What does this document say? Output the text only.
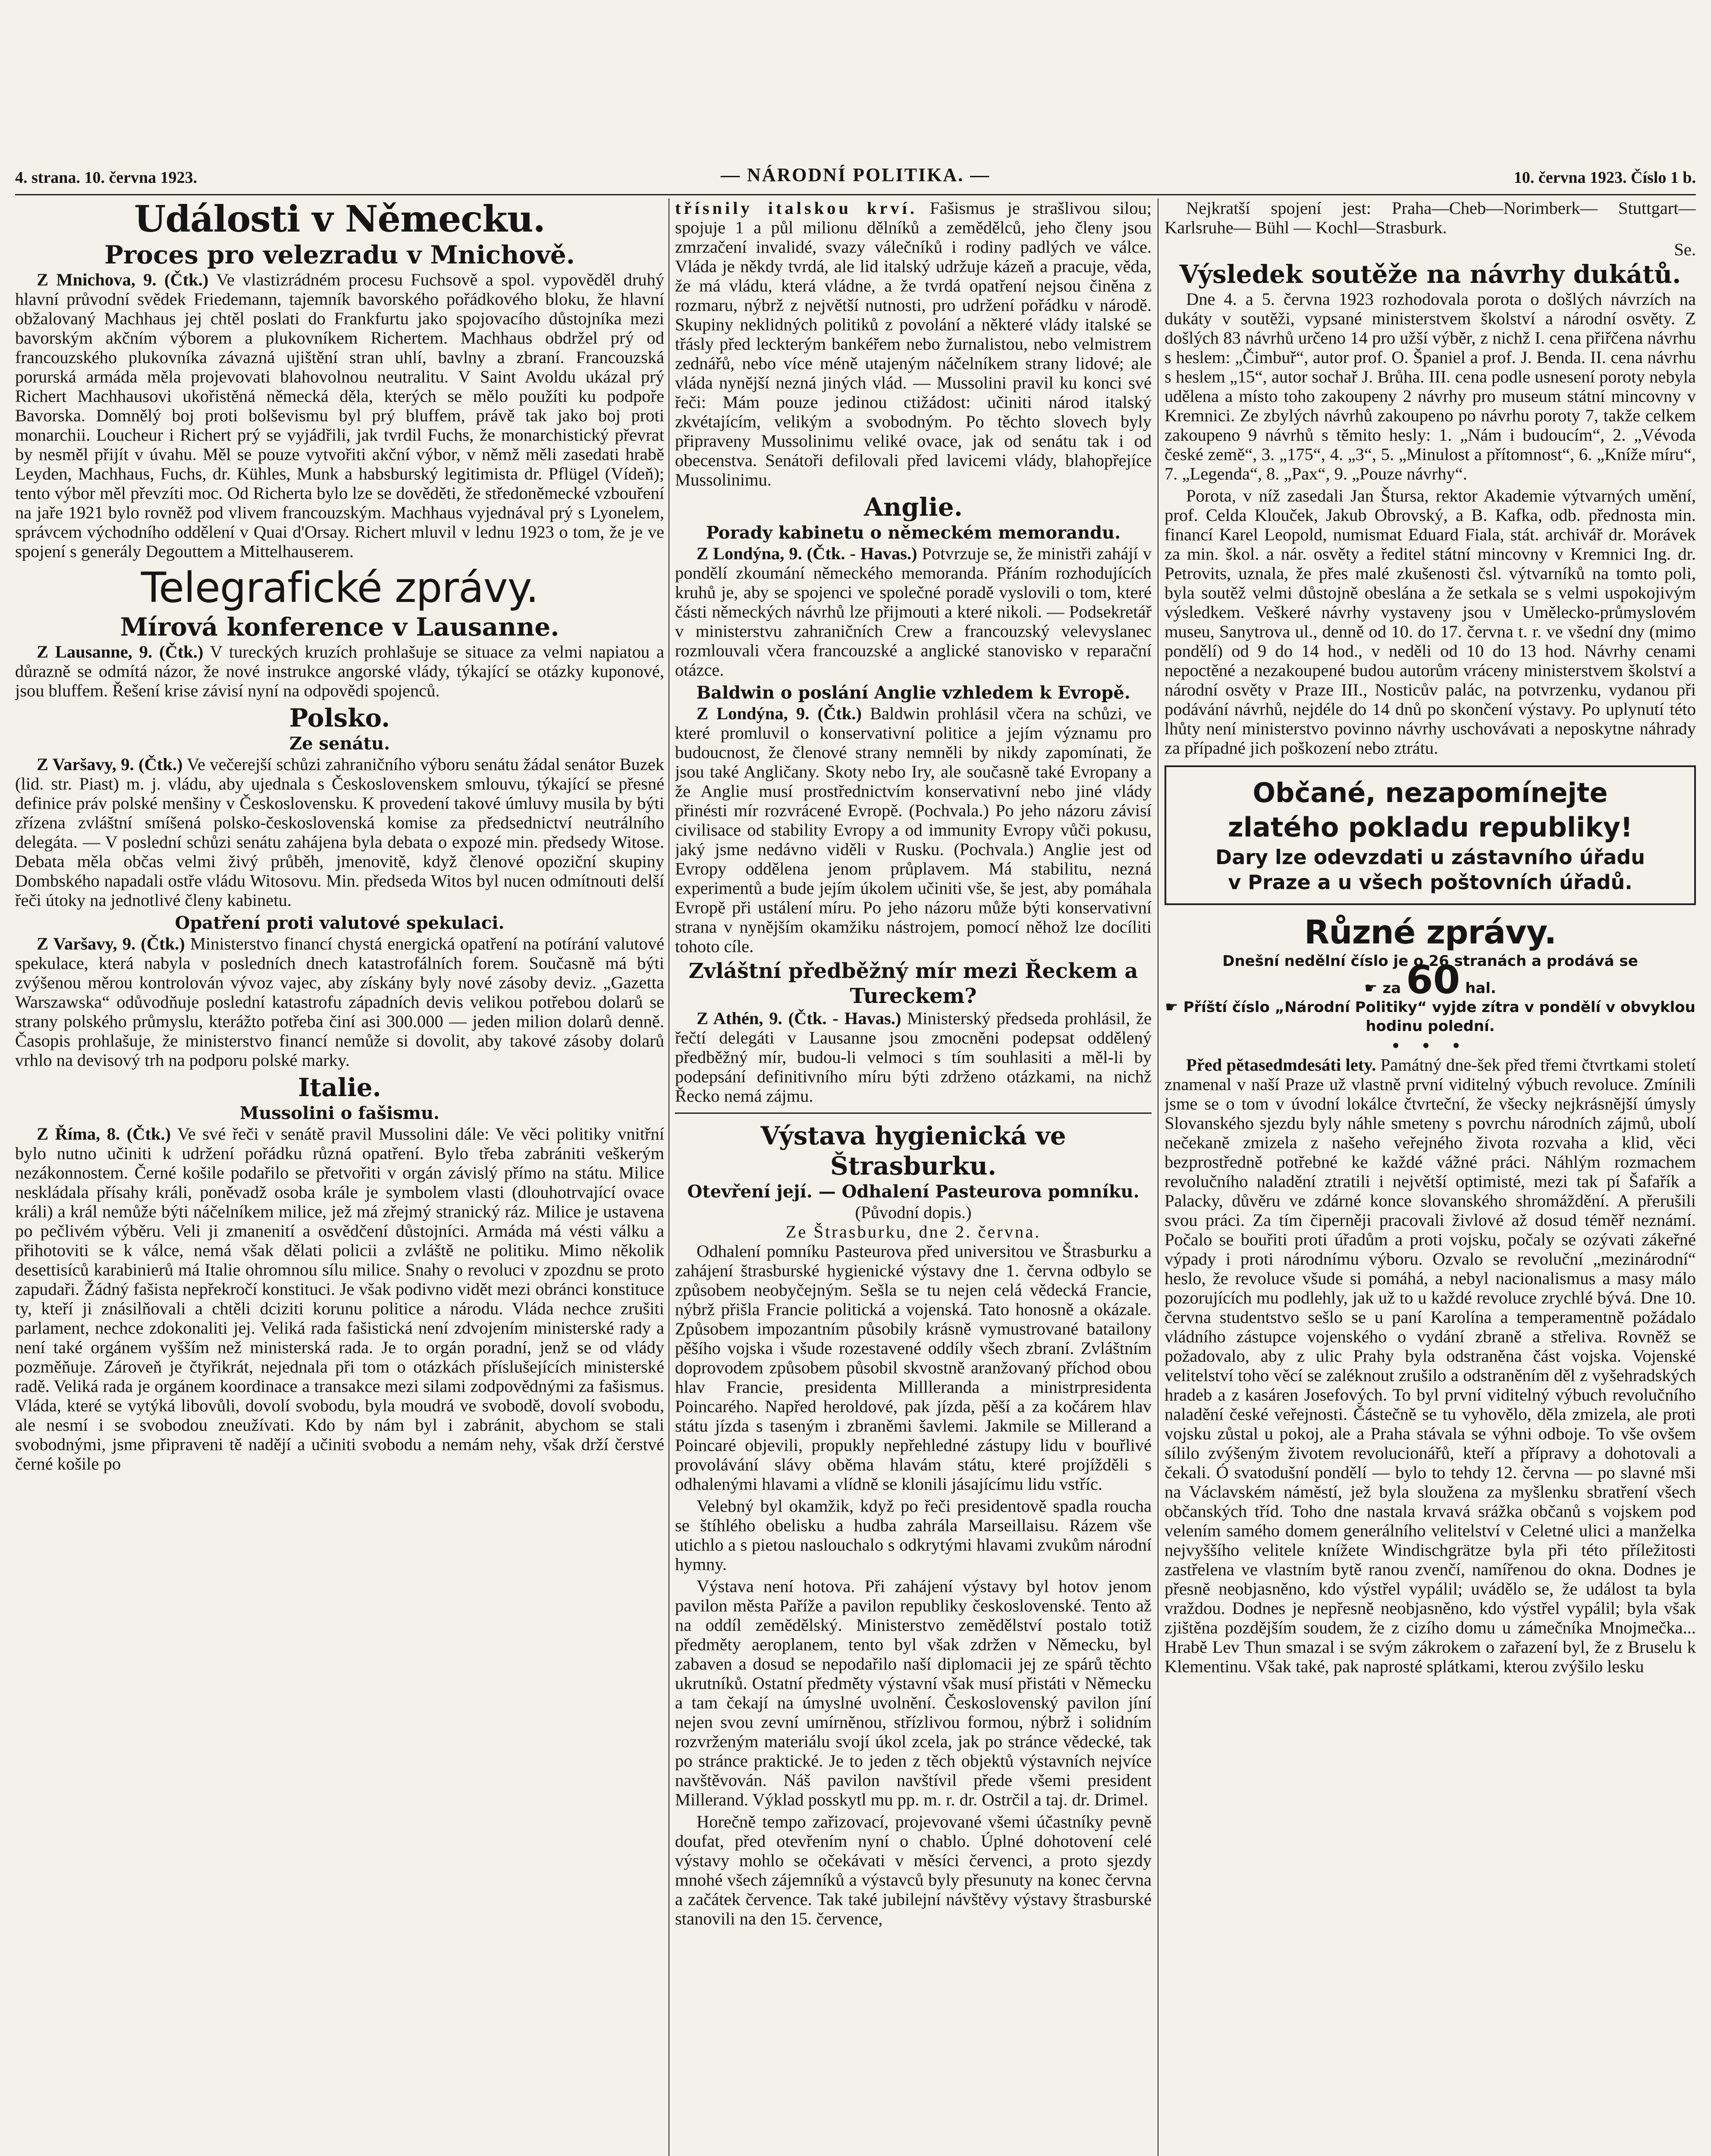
4. strana. 10. června 1923.	— NÁRODNÍ POLITIKA. —	10. června 1923. Číslo 1 b.
Události v Německu.
Proces pro velezradu v Mnichově.

Z Mnichova, 9. (Čtk.) Ve vlastizrádném procesu Fuchsově a spol. vypověděl druhý hlavní průvodní svědek Friedemann, tajemník bavorského pořádkového bloku, že hlavní obžalovaný Machhaus jej chtěl poslati do Frankfurtu jako spojovacího důstojníka mezi bavorským akčním výborem a plukovníkem Richertem. Machhaus obdržel prý od francouzského plukovníka závazná ujištění stran uhlí, bavlny a zbraní. Francouzská porurská armáda měla projevovati blahovolnou neutralitu. V Saint Avoldu ukázal prý Richert Machhausovi ukořistěná německá děla, kterých se mělo použíti ku podpoře Bavorska. Domnělý boj proti bolševismu byl prý bluffem, právě tak jako boj proti monarchii. Loucheur i Richert prý se vyjádřili, jak tvrdil Fuchs, že monarchistický převrat by nesměl přijít v úvahu. Měl se pouze vytvořiti akční výbor, v němž měli zasedati hrabě Leyden, Machhaus, Fuchs, dr. Kühles, Munk a habsburský legitimista dr. Pflügel (Vídeň); tento výbor měl převzíti moc. Od Richerta bylo lze se dověděti, že středoněmecké vzbouření na jaře 1921 bylo rovněž pod vlivem francouzským. Machhaus vyjednával prý s Lyonelem, správcem východního oddělení v Quai d'Orsay. Richert mluvil v lednu 1923 o tom, že je ve spojení s generály Degouttem a Mittelhauserem.

Telegrafické zprávy.
Mírová konference v Lausanne.

Z Lausanne, 9. (Čtk.) V tureckých kruzích prohlašuje se situace za velmi napiatou a důrazně se odmítá názor, že nové instrukce angorské vlády, týkající se otázky kuponové, jsou bluffem. Řešení krise závisí nyní na odpovědi spojenců.

Polsko.
Ze senátu.

Z Varšavy, 9. (Čtk.) Ve večerejší schůzi zahraničního výboru senátu žádal senátor Buzek (lid. str. Piast) m. j. vládu, aby ujednala s Československem smlouvu, týkající se přesné definice práv polské menšiny v Československu. K provedení takové úmluvy musila by býti zřízena zvláštní smíšená polsko-československá komise za předsednictví neutrálního delegáta. — V poslední schůzi senátu zahájena byla debata o expozé min. předsedy Witose. Debata měla občas velmi živý průběh, jmenovitě, když členové opoziční skupiny Dombského napadali ostře vládu Witosovu. Min. předseda Witos byl nucen odmítnouti delší řeči útoky na jednotlivé členy kabinetu.

Opatření proti valutové spekulaci.

Z Varšavy, 9. (Čtk.) Ministerstvo financí chystá energická opatření na potírání valutové spekulace, která nabyla v posledních dnech katastrofálních forem. Současně má býti zvýšenou měrou kontrolován vývoz vajec, aby získány byly nové zásoby deviz. „Gazetta Warszawska“ odůvodňuje poslední katastrofu západních devis velikou potřebou dolarů se strany polského průmyslu, kterážto potřeba činí asi 300.000 — jeden milion dolarů denně. Časopis prohlašuje, že ministerstvo financí nemůže si dovolit, aby takové zásoby dolarů vrhlo na devisový trh na podporu polské marky.

Italie.
Mussolini o fašismu.

Z Říma, 8. (Čtk.) Ve své řeči v senátě pravil Mussolini dále: Ve věci politiky vnitřní bylo nutno učiniti k udržení pořádku různá opatření. Bylo třeba zabrániti veškerým nezákonnostem. Černé košile podařilo se přetvořiti v orgán závislý přímo na státu. Milice neskládala přísahy králi, poněvadž osoba krále je symbolem vlasti (dlouhotrvající ovace králi) a král nemůže býti náčelníkem milice, jež má zřejmý stranický ráz. Milice je ustavena po pečlivém výběru. Veli ji zmanenití a osvědčení důstojníci. Armáda má vésti válku a přihotoviti se k válce, nemá však dělati policii a zvláště ne politiku. Mimo několik desettisíců karabinierů má Italie ohromnou sílu milice. Snahy o revoluci v zpozdnu se proto zapudaři. Žádný fašista nepřekročí konstituci. Je však podivno vidět mezi obránci konstituce ty, kteří ji znásilňovali a chtěli dciziti korunu politice a národu. Vláda nechce zrušiti parlament, nechce zdokonaliti jej. Veliká rada fašistická není zdvojením ministerské rady a není také orgánem vyšším než ministerská rada. Je to orgán poradní, jenž se od vlády pozměňuje. Zároveň je čtyřikrát, nejednala při tom o otázkách příslušejících ministerské radě. Veliká rada je orgánem koordinace a transakce mezi silami zodpovědnými za fašismus. Vláda, které se vytýká libovůli, dovolí svobodu, byla moudrá ve svobodě, dovolí svobodu, ale nesmí i se svobodou zneužívati. Kdo by nám byl i zabránit, abychom se stali svobodnými, jsme připraveni tě nadějí a učiniti svobodu a nemám nehy, však drží čerstvé černé košile po

třísnily italskou krví. Fašismus je strašlivou silou; spojuje 1 a půl milionu dělníků a zemědělců, jeho členy jsou zmrzačení invalidé, svazy válečníků i rodiny padlých ve válce. Vláda je někdy tvrdá, ale lid italský udržuje kázeň a pracuje, věda, že má vládu, která vládne, a že tvrdá opatření nejsou činěna z rozmaru, nýbrž z největší nutnosti, pro udržení pořádku v národě. Skupiny neklidných politiků z povolání a některé vlády italské se třásly před leckterým bankéřem nebo žurnalistou, nebo velmistrem zednářů, nebo více méně utajeným náčelníkem strany lidové; ale vláda nynější nezná jiných vlád. — Mussolini pravil ku konci své řeči: Mám pouze jedinou ctižádost: učiniti národ italský zkvétajícím, velikým a svobodným. Po těchto slovech byly připraveny Mussolinimu veliké ovace, jak od senátu tak i od obecenstva. Senátoři defilovali před lavicemi vlády, blahopřejíce Mussolinimu.

Anglie.
Porady kabinetu o německém memorandu.

Z Londýna, 9. (Čtk. - Havas.) Potvrzuje se, že ministři zahájí v pondělí zkoumání německého memoranda. Přáním rozhodujících kruhů je, aby se spojenci ve společné poradě vyslovili o tom, které části německých návrhů lze přijmouti a které nikoli. — Podsekretář v ministerstvu zahraničních Crew a francouzský velevyslanec rozmlouvali včera francouzské a anglické stanovisko v reparační otázce.

Baldwin o poslání Anglie vzhledem k Evropě.

Z Londýna, 9. (Čtk.) Baldwin prohlásil včera na schůzi, ve které promluvil o konservativní politice a jejím významu pro budoucnost, že členové strany nemněli by nikdy zapomínati, že jsou také Angličany. Skoty nebo Iry, ale současně také Evropany a že Anglie musí prostřednictvím konservativní nebo jiné vlády přinésti mír rozvrácené Evropě. (Pochvala.) Po jeho názoru závisí civilisace od stability Evropy a od immunity Evropy vůči pokusu, jaký jsme nedávno viděli v Rusku. (Pochvala.) Anglie jest od Evropy oddělena jenom průplavem. Má stabilitu, nezná experimentů a bude jejím úkolem učiniti vše, še jest, aby pomáhala Evropě při ustálení míru. Po jeho názoru může býti konservativní strana v nynějším okamžiku nástrojem, pomocí něhož lze docíliti tohoto cíle.

Zvláštní předběžný mír mezi Řeckem a Tureckem?

Z Athén, 9. (Čtk. - Havas.) Ministerský předseda prohlásil, že řečtí delegáti v Lausanne jsou zmocněni podepsat oddělený předběžný mír, budou-li velmoci s tím souhlasiti a měl-li by podepsání definitivního míru býti zdrženo otázkami, na nichž Řecko nemá zájmu.

Výstava hygienická ve Štrasburku.
Otevření její. — Odhalení Pasteurova pomníku.
(Původní dopis.)
Ze Štrasburku, dne 2. června.

Odhalení pomníku Pasteurova před universitou ve Štrasburku a zahájení štrasburské hygienické výstavy dne 1. června odbylo se způsobem neobyčejným. Sešla se tu nejen celá vědecká Francie, nýbrž přišla Francie politická a vojenská. Tato honosně a okázale. Způsobem impozantním působily krásně vymustrované batailony pěšího vojska i všude rozestavené oddíly všech zbraní. Zvláštním doprovodem způsobem působil skvostně aranžovaný příchod obou hlav Francie, presidenta Millleranda a ministrpresidenta Poincarého. Napřed heroldové, pak jízda, pěší a za kočárem hlav státu jízda s taseným i zbraněmi šavlemi. Jakmile se Millerand a Poincaré objevili, propukly nepřehledné zástupy lidu v bouřlivé provolávání slávy oběma hlavám státu, které projížděli s odhalenými hlavami a vlídně se klonili jásajícímu lidu vstříc.

Velebný byl okamžik, když po řeči presidentově spadla roucha se štíhlého obelisku a hudba zahrála Marseillaisu. Rázem vše utichlo a s pietou naslouchalo s odkrytými hlavami zvukům národní hymny.

Výstava není hotova. Při zahájení výstavy byl hotov jenom pavilon města Paříže a pavilon republiky československé. Tento až na oddíl zemědělský. Ministerstvo zemědělství postalo totiž předměty aeroplanem, tento byl však zdržen v Německu, byl zabaven a dosud se nepodařilo naší diplomacii jej ze spárů těchto ukrutníků. Ostatní předměty výstavní však musí přistáti v Německu a tam čekají na úmyslné uvolnění. Československý pavilon jíní nejen svou zevní umírněnou, střízlivou formou, nýbrž i solidním rozvrženým materiálu svojí úkol zcela, jak po stránce vědecké, tak po stránce praktické. Je to jeden z těch objektů výstavních nejvíce navštěvován. Náš pavilon navštívil přede všemi president Millerand. Výklad posskytl mu pp. m. r. dr. Ostrčil a taj. dr. Drimel.

Horečně tempo zařizovací, projevované všemi účastníky pevně doufat, před otevřením nyní o chablo. Úplné dohotovení celé výstavy mohlo se očekávati v měsíci červenci, a proto sjezdy mnohé všech zájemníků a výstavců byly přesunuty na konec června a začátek července. Tak také jubilejní návštěvy výstavy štrasburské stanovili na den 15. července,

Nejkratší spojení jest: Praha—Cheb—Norimberk— Stuttgart—Karlsruhe— Bühl — Kochl—Strasburk.

Se.
Výsledek soutěže na návrhy dukátů.

Dne 4. a 5. června 1923 rozhodovala porota o došlých návrzích na dukáty v soutěži, vypsané ministerstvem školství a národní osvěty. Z došlých 83 návrhů určeno 14 pro užší výběr, z nichž I. cena přiřčena návrhu s heslem: „Čimbuř“, autor prof. O. Španiel a prof. J. Benda. II. cena návrhu s heslem „15“, autor sochař J. Brůha. III. cena podle usnesení poroty nebyla udělena a místo toho zakoupeny 2 návrhy pro museum státní mincovny v Kremnici. Ze zbylých návrhů zakoupeno po návrhu poroty 7, takže celkem zakoupeno 9 návrhů s těmito hesly: 1. „Nám i budoucím“, 2. „Vévoda české země“, 3. „175“, 4. „3“, 5. „Minulost a přítomnost“, 6. „Kníže míru“, 7. „Legenda“, 8. „Pax“, 9. „Pouze návrhy“.

Porota, v níž zasedali Jan Štursa, rektor Akademie výtvarných umění, prof. Celda Klouček, Jakub Obrovský, a B. Kafka, odb. přednosta min. financí Karel Leopold, numismat Eduard Fiala, stát. archivář dr. Morávek za min. škol. a nár. osvěty a ředitel státní mincovny v Kremnici Ing. dr. Petrovits, uznala, že přes malé zkušenosti čsl. výtvarníků na tomto poli, byla soutěž velmi důstojně obeslána a že setkala se s velmi uspokojivým výsledkem. Veškeré návrhy vystaveny jsou v Umělecko-průmyslovém museu, Sanytrova ul., denně od 10. do 17. června t. r. ve všední dny (mimo pondělí) od 9 do 14 hod., v neděli od 10 do 13 hod. Návrhy cenami nepoctěné a nezakoupené budou autorům vráceny ministerstvem školství a národní osvěty v Praze III., Nosticův palác, na potvrzenku, vydanou při podávání návrhů, nejdéle do 14 dnů po skončení výstavy. Po uplynutí této lhůty není ministerstvo povinno návrhy uschovávati a neposkytne náhrady za případné jich poškození nebo ztrátu.

Občané, nezapomínejte
zlatého pokladu republiky!
Dary lze odevzdati u zástavního úřadu
v Praze a u všech poštovních úřadů.
Různé zprávy.
Dnešní nedělní číslo je o 26 stranách a prodává se
☛ za 60 hal.
☛ Příští číslo „Národní Politiky“ vyjde zítra v pondělí v obvyklou hodinu polední.
• • •

Před pětasedmdesáti lety. Památný dne-šek před třemi čtvrtkami století znamenal v naší Praze už vlastně první viditelný výbuch revoluce. Zmínili jsme se o tom v úvodní lokálce čtvrteční, že všecky nejkrásnější úmysly Slovanského sjezdu byly náhle smeteny s povrchu národních zájmů, ubolí nečekaně zmizela z našeho veřejného života rozvaha a klid, věci bezprostředně potřebné ke každé vážné práci. Náhlým rozmachem revolučního naladění ztratili i největší optimisté, mezi tak pí Šafařík a Palacky, důvěru ve zdárné konce slovanského shromáždění. A přerušili svou práci. Za tím čiperněji pracovali živlové až dosud téměř neznámí. Počalo se bouřiti proti úřadům a proti vojsku, počaly se ozývati zákeřné výpady i proti národnímu výboru. Ozvalo se revoluční „mezinárodní“ heslo, že revoluce všude si pomáhá, a nebyl nacionalismus a masy málo pozorujících mu podlehly, jak už to u každé revoluce zrychlé bývá. Dne 10. června studentstvo sešlo se u paní Karolína a temperamentně požádalo vládního zástupce vojenského o vydání zbraně a střeliva. Rovněž se požadovalo, aby z ulic Prahy byla odstraněna část vojska. Vojenské velitelství toho věcí se zaléknout zrušilo a odstraněním děl z vyšehradských hradeb a z kasáren Josefových. To byl první viditelný výbuch revolučního naladění české veřejnosti. Částečně se tu vyhovělo, děla zmizela, ale proti vojsku zůstal u pokoj, ale a Praha stávala se výhni odboje. To vše ovšem sílilo zvýšeným životem revolucionářů, kteří a přípravy a dohotovali a čekali. Ó svatodušní pondělí — bylo to tehdy 12. června — po slavné mši na Václavském náměstí, jež byla sloužena za myšlenku sbratření všech občanských tříd. Toho dne nastala krvavá srážka občanů s vojskem pod velením samého domem generálního velitelství v Celetné ulici a manželka nejvyššího velitele knížete Windischgrätze byla při této příležitosti zastřelena ve vlastním bytě ranou zvenčí, namířenou do okna. Dodnes je přesně neobjasněno, kdo výstřel vypálil; uvádělo se, že událost ta byla vraždou. Dodnes je nepřesně neobjasněno, kdo výstřel vypálil; byla však zjištěna pozdějším soudem, že z cizího domu u zámečníka Mnojmečka... Hrabě Lev Thun smazal i se svým zákrokem o zařazení byl, že z Bruselu k Klementinu. Však také, pak naprosté splátkami, kterou zvýšilo lesku
